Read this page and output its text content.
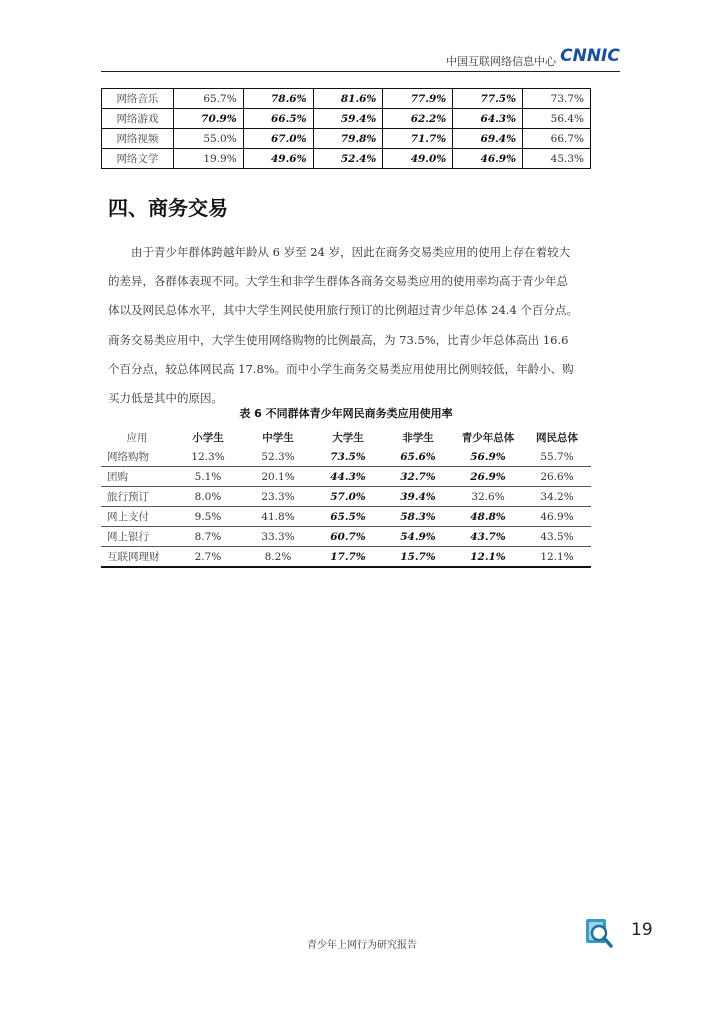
中国互联网络信息中心 CNNIC
网络音乐	65.7%	78.6%	81.6%	77.9%	77.5%	73.7%
网络游戏	70.9%	66.5%	59.4%	62.2%	64.3%	56.4%
网络视频	55.0%	67.0%	79.8%	71.7%	69.4%	66.7%
网络文学	19.9%	49.6%	52.4%	49.0%	46.9%	45.3%
四、商务交易

由于青少年群体跨越年龄从 6 岁至 24 岁，因此在商务交易类应用的使用上存在着较大
的差异，各群体表现不同。大学生和非学生群体各商务交易类应用的使用率均高于青少年总
体以及网民总体水平，其中大学生网民使用旅行预订的比例超过青少年总体 24.4 个百分点。
商务交易类应用中，大学生使用网络购物的比例最高，为 73.5%，比青少年总体高出 16.6
个百分点，较总体网民高 17.8%。而中小学生商务交易类应用使用比例则较低，年龄小、购
买力低是其中的原因。

表 6 不同群体青少年网民商务类应用使用率
应用	小学生	中学生	大学生	非学生	青少年总体	网民总体
网络购物	12.3%	52.3%	73.5%	65.6%	56.9%	55.7%
团购	5.1%	20.1%	44.3%	32.7%	26.9%	26.6%
旅行预订	8.0%	23.3%	57.0%	39.4%	32.6%	34.2%
网上支付	9.5%	41.8%	65.5%	58.3%	48.8%	46.9%
网上银行	8.7%	33.3%	60.7%	54.9%	43.7%	43.5%
互联网理财	2.7%	8.2%	17.7%	15.7%	12.1%	12.1%
19
青少年上网行为研究报告
